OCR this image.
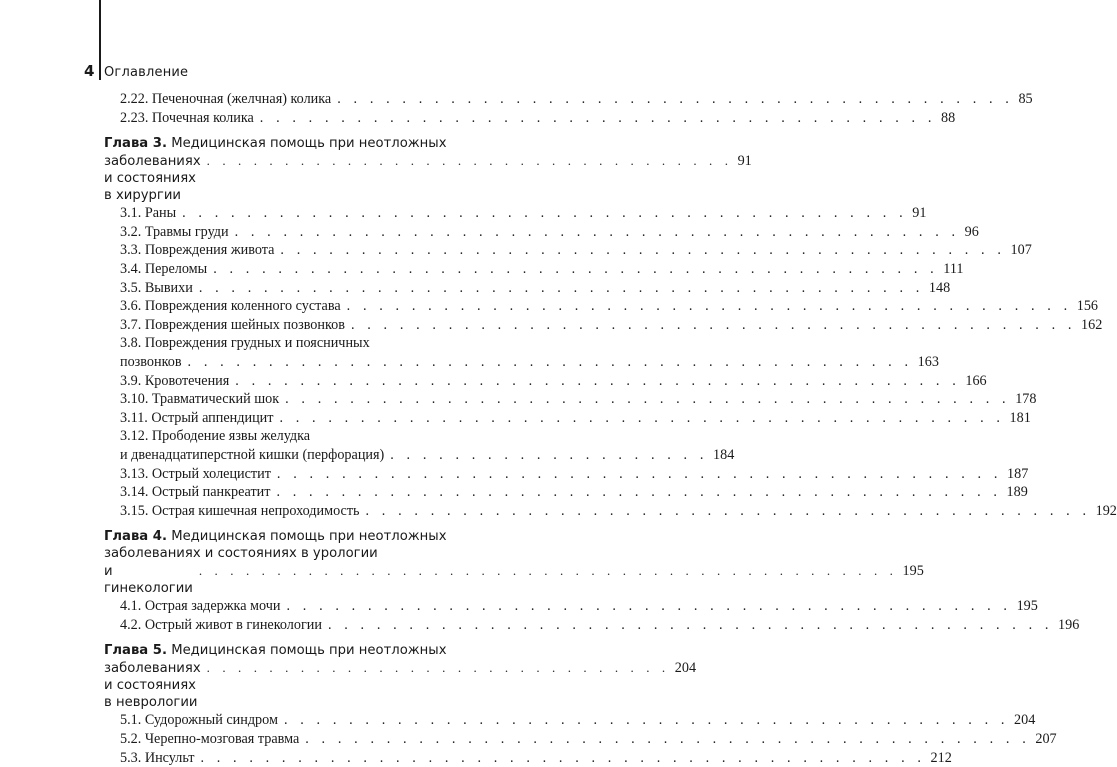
4 Оглавление
2.22. Печеночная (желчная) колика . . . . . . . . . . . . . . . . . . . . . . . . . . . . . . . . . . . . . . . . . . 85
2.23. Почечная колика . . . . . . . . . . . . . . . . . . . . . . . . . . . . . . . . . . . . . . . . . . 88
Глава 3. Медицинская помощь при неотложных
заболеваниях и состояниях в хирургии
. . . . . . . . . . . . . . . . . . . . . . . . . . . . . . . . . . 91
3.1. Раны . . . . . . . . . . . . . . . . . . . . . . . . . . . . . . . . . . . . . . . . . . . . . 91
3.2. Травмы груди . . . . . . . . . . . . . . . . . . . . . . . . . . . . . . . . . . . . . . . . . . . . . 96
3.3. Повреждения живота . . . . . . . . . . . . . . . . . . . . . . . . . . . . . . . . . . . . . . . . . . . . . 107
3.4. Переломы . . . . . . . . . . . . . . . . . . . . . . . . . . . . . . . . . . . . . . . . . . . . . 111
3.5. Вывихи . . . . . . . . . . . . . . . . . . . . . . . . . . . . . . . . . . . . . . . . . . . . . 148
3.6. Повреждения коленного сустава . . . . . . . . . . . . . . . . . . . . . . . . . . . . . . . . . . . . . . . . . . . . . 156
3.7. Повреждения шейных позвонков . . . . . . . . . . . . . . . . . . . . . . . . . . . . . . . . . . . . . . . . . . . . . 162
3.8. Повреждения грудных и поясничных
позвонков . . . . . . . . . . . . . . . . . . . . . . . . . . . . . . . . . . . . . . . . . . . . . 163
3.9. Кровотечения . . . . . . . . . . . . . . . . . . . . . . . . . . . . . . . . . . . . . . . . . . . . . 166
3.10. Травматический шок . . . . . . . . . . . . . . . . . . . . . . . . . . . . . . . . . . . . . . . . . . . . . 178
3.11. Острый аппендицит . . . . . . . . . . . . . . . . . . . . . . . . . . . . . . . . . . . . . . . . . . . . . 181
3.12. Прободение язвы желудка
и двенадцатиперстной кишки (перфорация) . . . . . . . . . . . . . . . . . . . . 184
3.13. Острый холецистит . . . . . . . . . . . . . . . . . . . . . . . . . . . . . . . . . . . . . . . . . . . . . 187
3.14. Острый панкреатит . . . . . . . . . . . . . . . . . . . . . . . . . . . . . . . . . . . . . . . . . . . . . 189
3.15. Острая кишечная непроходимость . . . . . . . . . . . . . . . . . . . . . . . . . . . . . . . . . . . . . . . . . . . . . 192
Глава 4. Медицинская помощь при неотложных
заболеваниях и состояниях в урологии
и гинекологии
. . . . . . . . . . . . . . . . . . . . . . . . . . . . . . . . . . . . . . . . . . . . . 195
4.1. Острая задержка мочи . . . . . . . . . . . . . . . . . . . . . . . . . . . . . . . . . . . . . . . . . . . . . 195
4.2. Острый живот в гинекологии . . . . . . . . . . . . . . . . . . . . . . . . . . . . . . . . . . . . . . . . . . . . . 196
Глава 5. Медицинская помощь при неотложных
заболеваниях и состояниях в неврологии
. . . . . . . . . . . . . . . . . . . . . . . . . . . . . . 204
5.1. Судорожный синдром . . . . . . . . . . . . . . . . . . . . . . . . . . . . . . . . . . . . . . . . . . . . . 204
5.2. Черепно-мозговая травма . . . . . . . . . . . . . . . . . . . . . . . . . . . . . . . . . . . . . . . . . . . . . 207
5.3. Инсульт . . . . . . . . . . . . . . . . . . . . . . . . . . . . . . . . . . . . . . . . . . . . . 212
